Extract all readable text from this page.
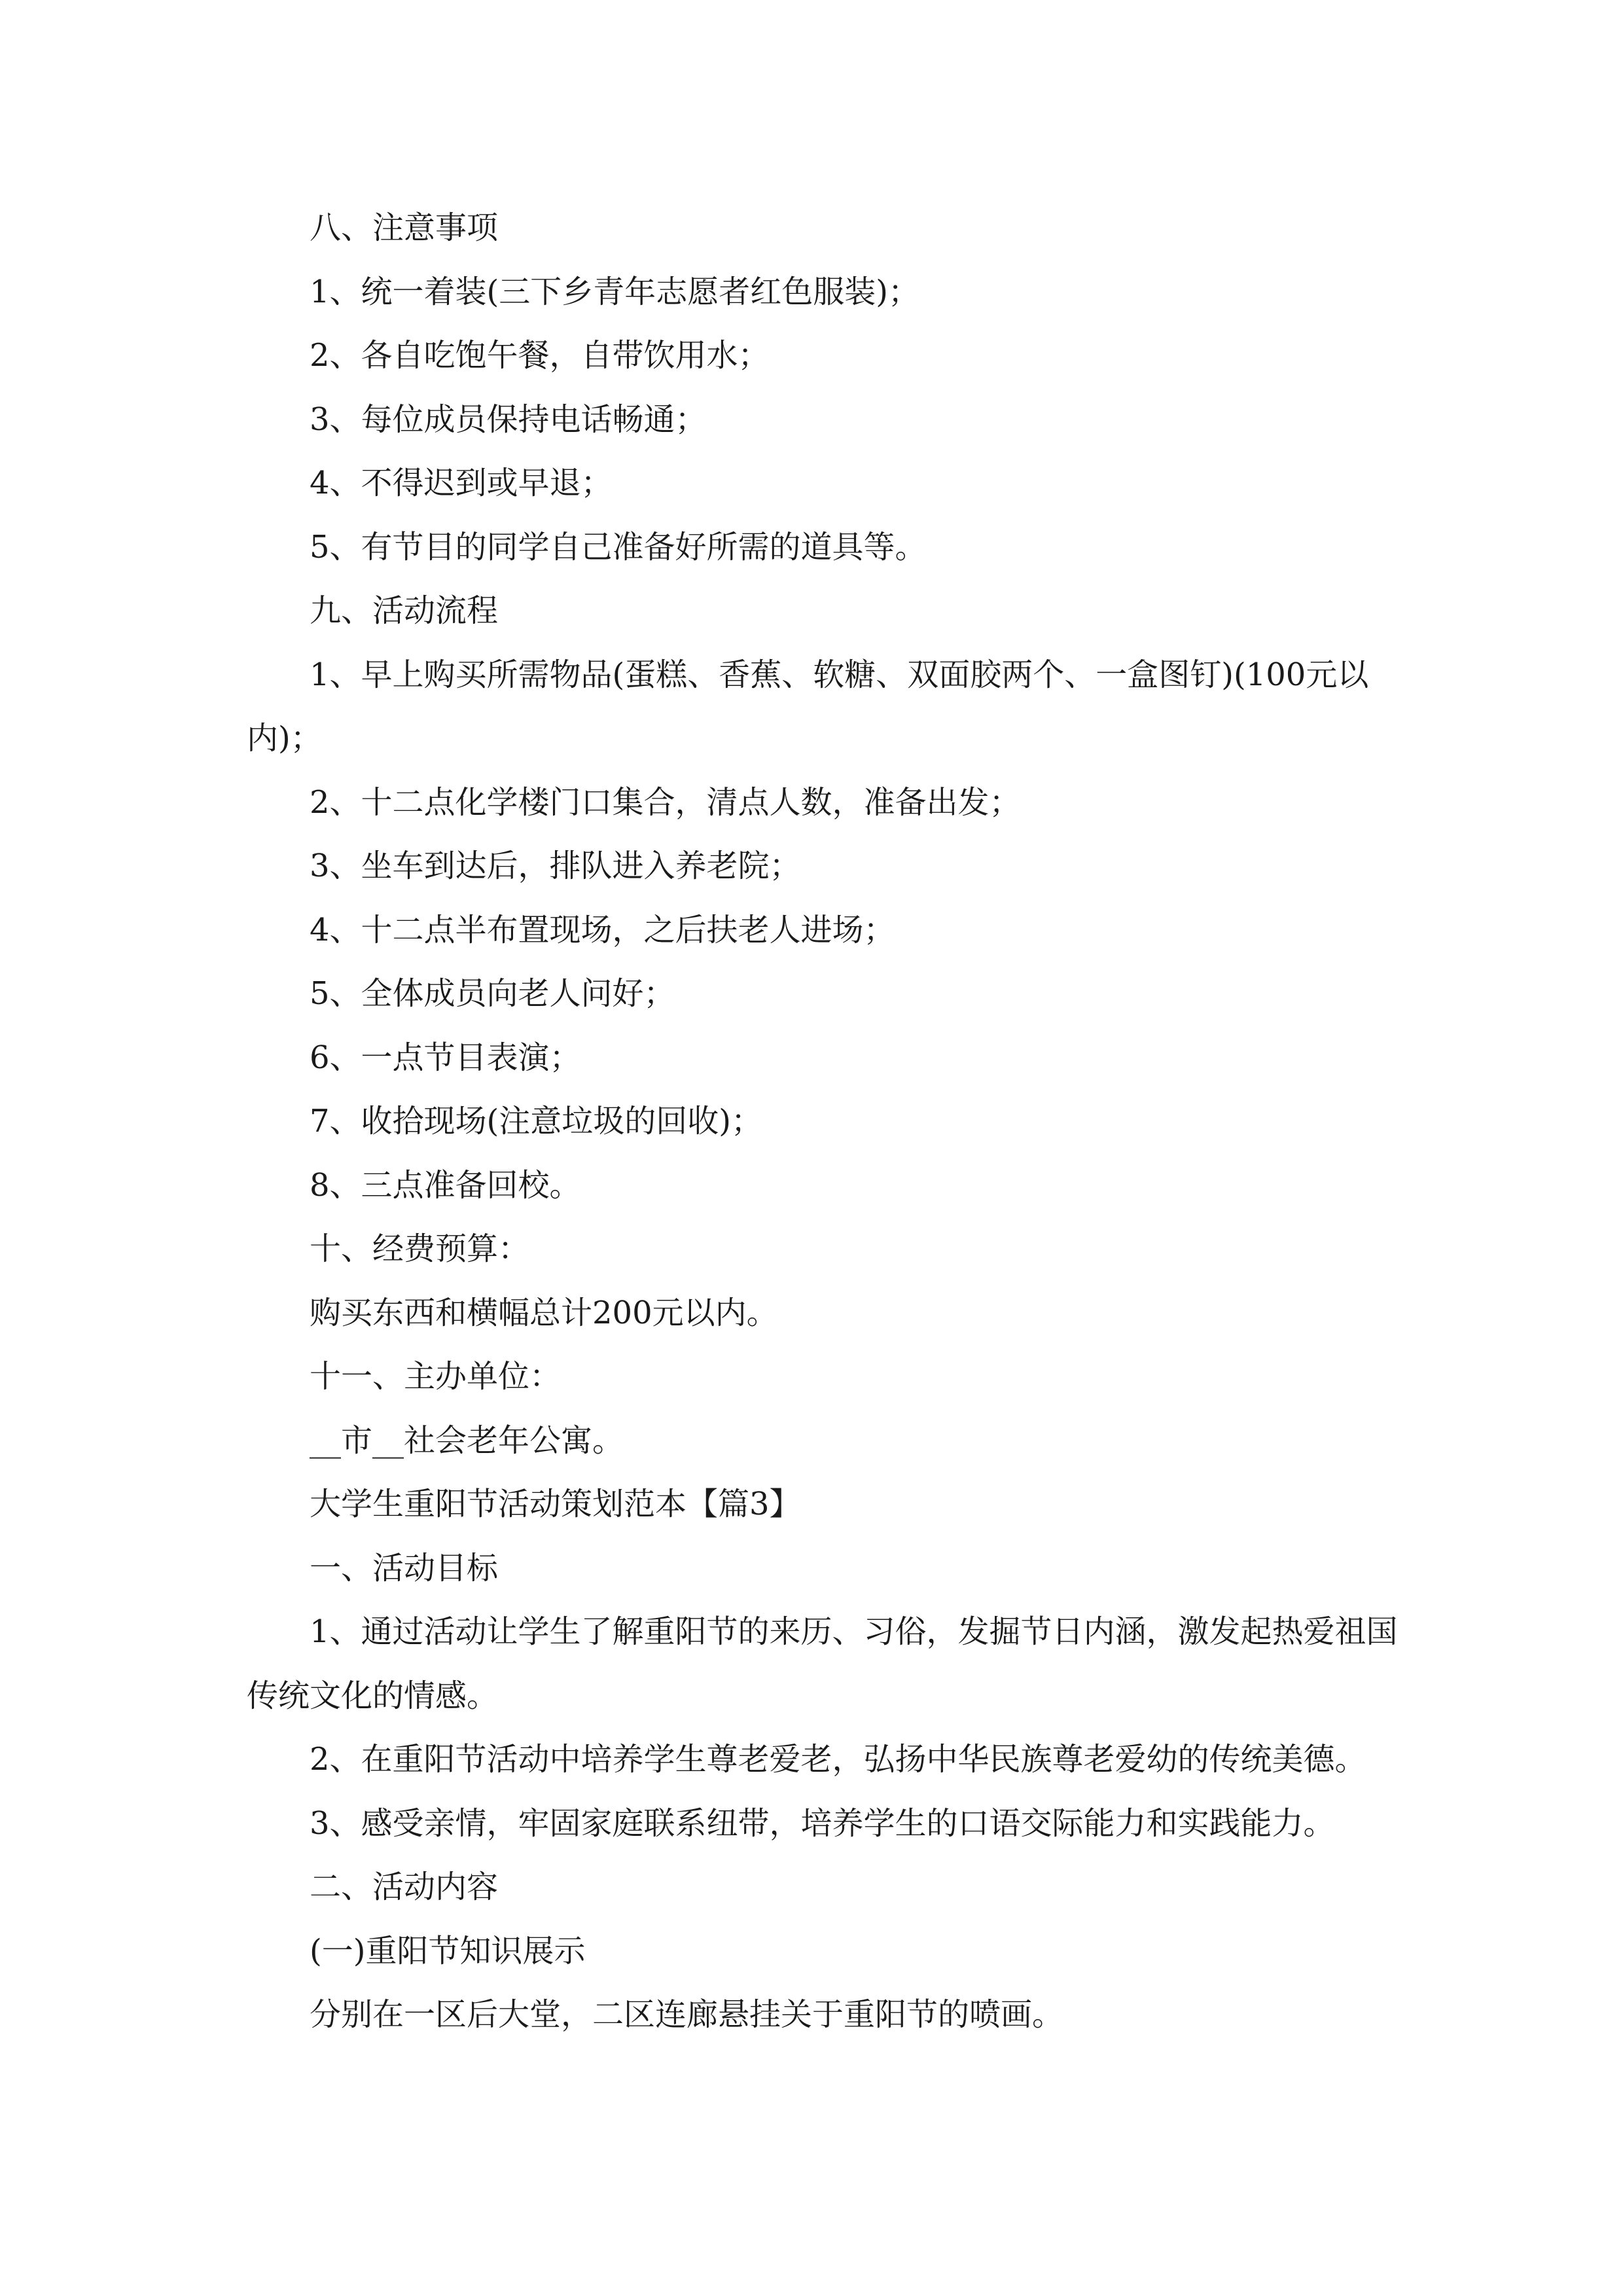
八、注意事项

1、统一着装(三下乡青年志愿者红色服装)；

2、各自吃饱午餐，自带饮用水；

3、每位成员保持电话畅通；

4、不得迟到或早退；

5、有节目的同学自己准备好所需的道具等。

九、活动流程

1、早上购买所需物品(蛋糕、香蕉、软糖、双面胶两个、一盒图钉)(100元以内)；

2、十二点化学楼门口集合，清点人数，准备出发；

3、坐车到达后，排队进入养老院；

4、十二点半布置现场，之后扶老人进场；

5、全体成员向老人问好；

6、一点节目表演；

7、收拾现场(注意垃圾的回收)；

8、三点准备回校。

十、经费预算：

购买东西和横幅总计200元以内。

十一、主办单位：

__市__社会老年公寓。

大学生重阳节活动策划范本【篇3】

一、活动目标

1、通过活动让学生了解重阳节的来历、习俗，发掘节日内涵，激发起热爱祖国传统文化的情感。

2、在重阳节活动中培养学生尊老爱老，弘扬中华民族尊老爱幼的传统美德。

3、感受亲情，牢固家庭联系纽带，培养学生的口语交际能力和实践能力。

二、活动内容

(一)重阳节知识展示

分别在一区后大堂，二区连廊悬挂关于重阳节的喷画。
